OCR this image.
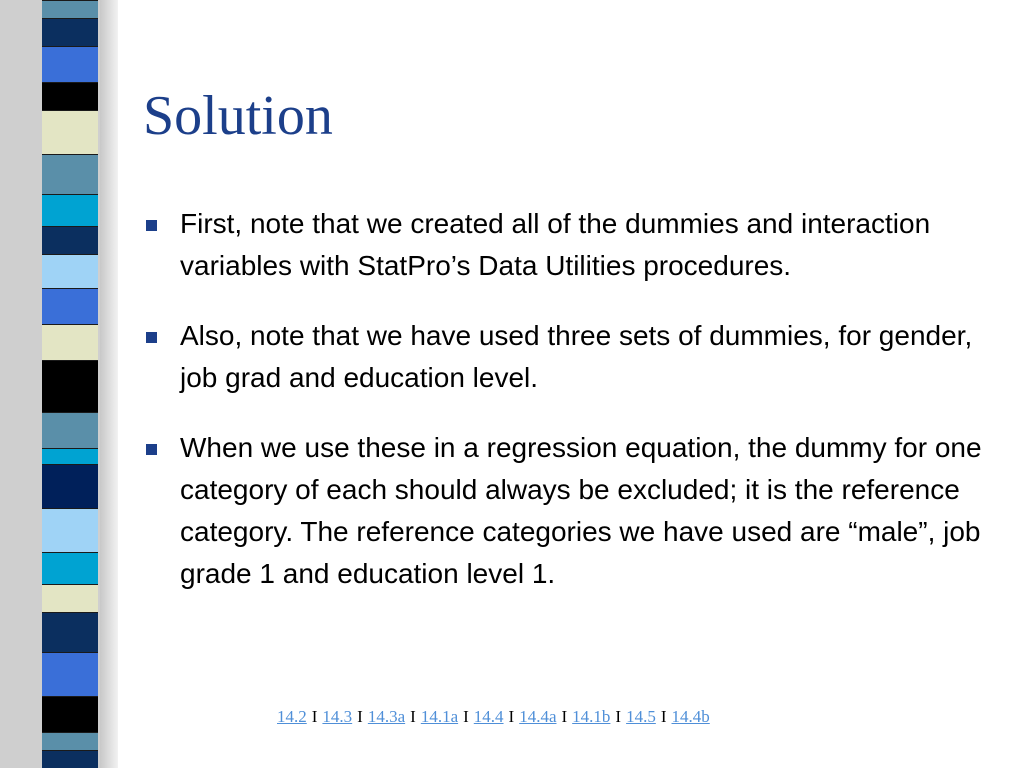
Solution
First, note that we created all of the dummies and interaction variables with StatPro’s Data Utilities procedures.
Also, note that we have used three sets of dummies, for gender, job grad and education level.
When we use these in a regression equation, the dummy for one category of each should always be excluded; it is the reference category. The reference categories we have used are “male”, job grade 1 and education level 1.
14.2 I 14.3 I 14.3a I 14.1a I 14.4 I 14.4a I 14.1b I 14.5 I 14.4b
